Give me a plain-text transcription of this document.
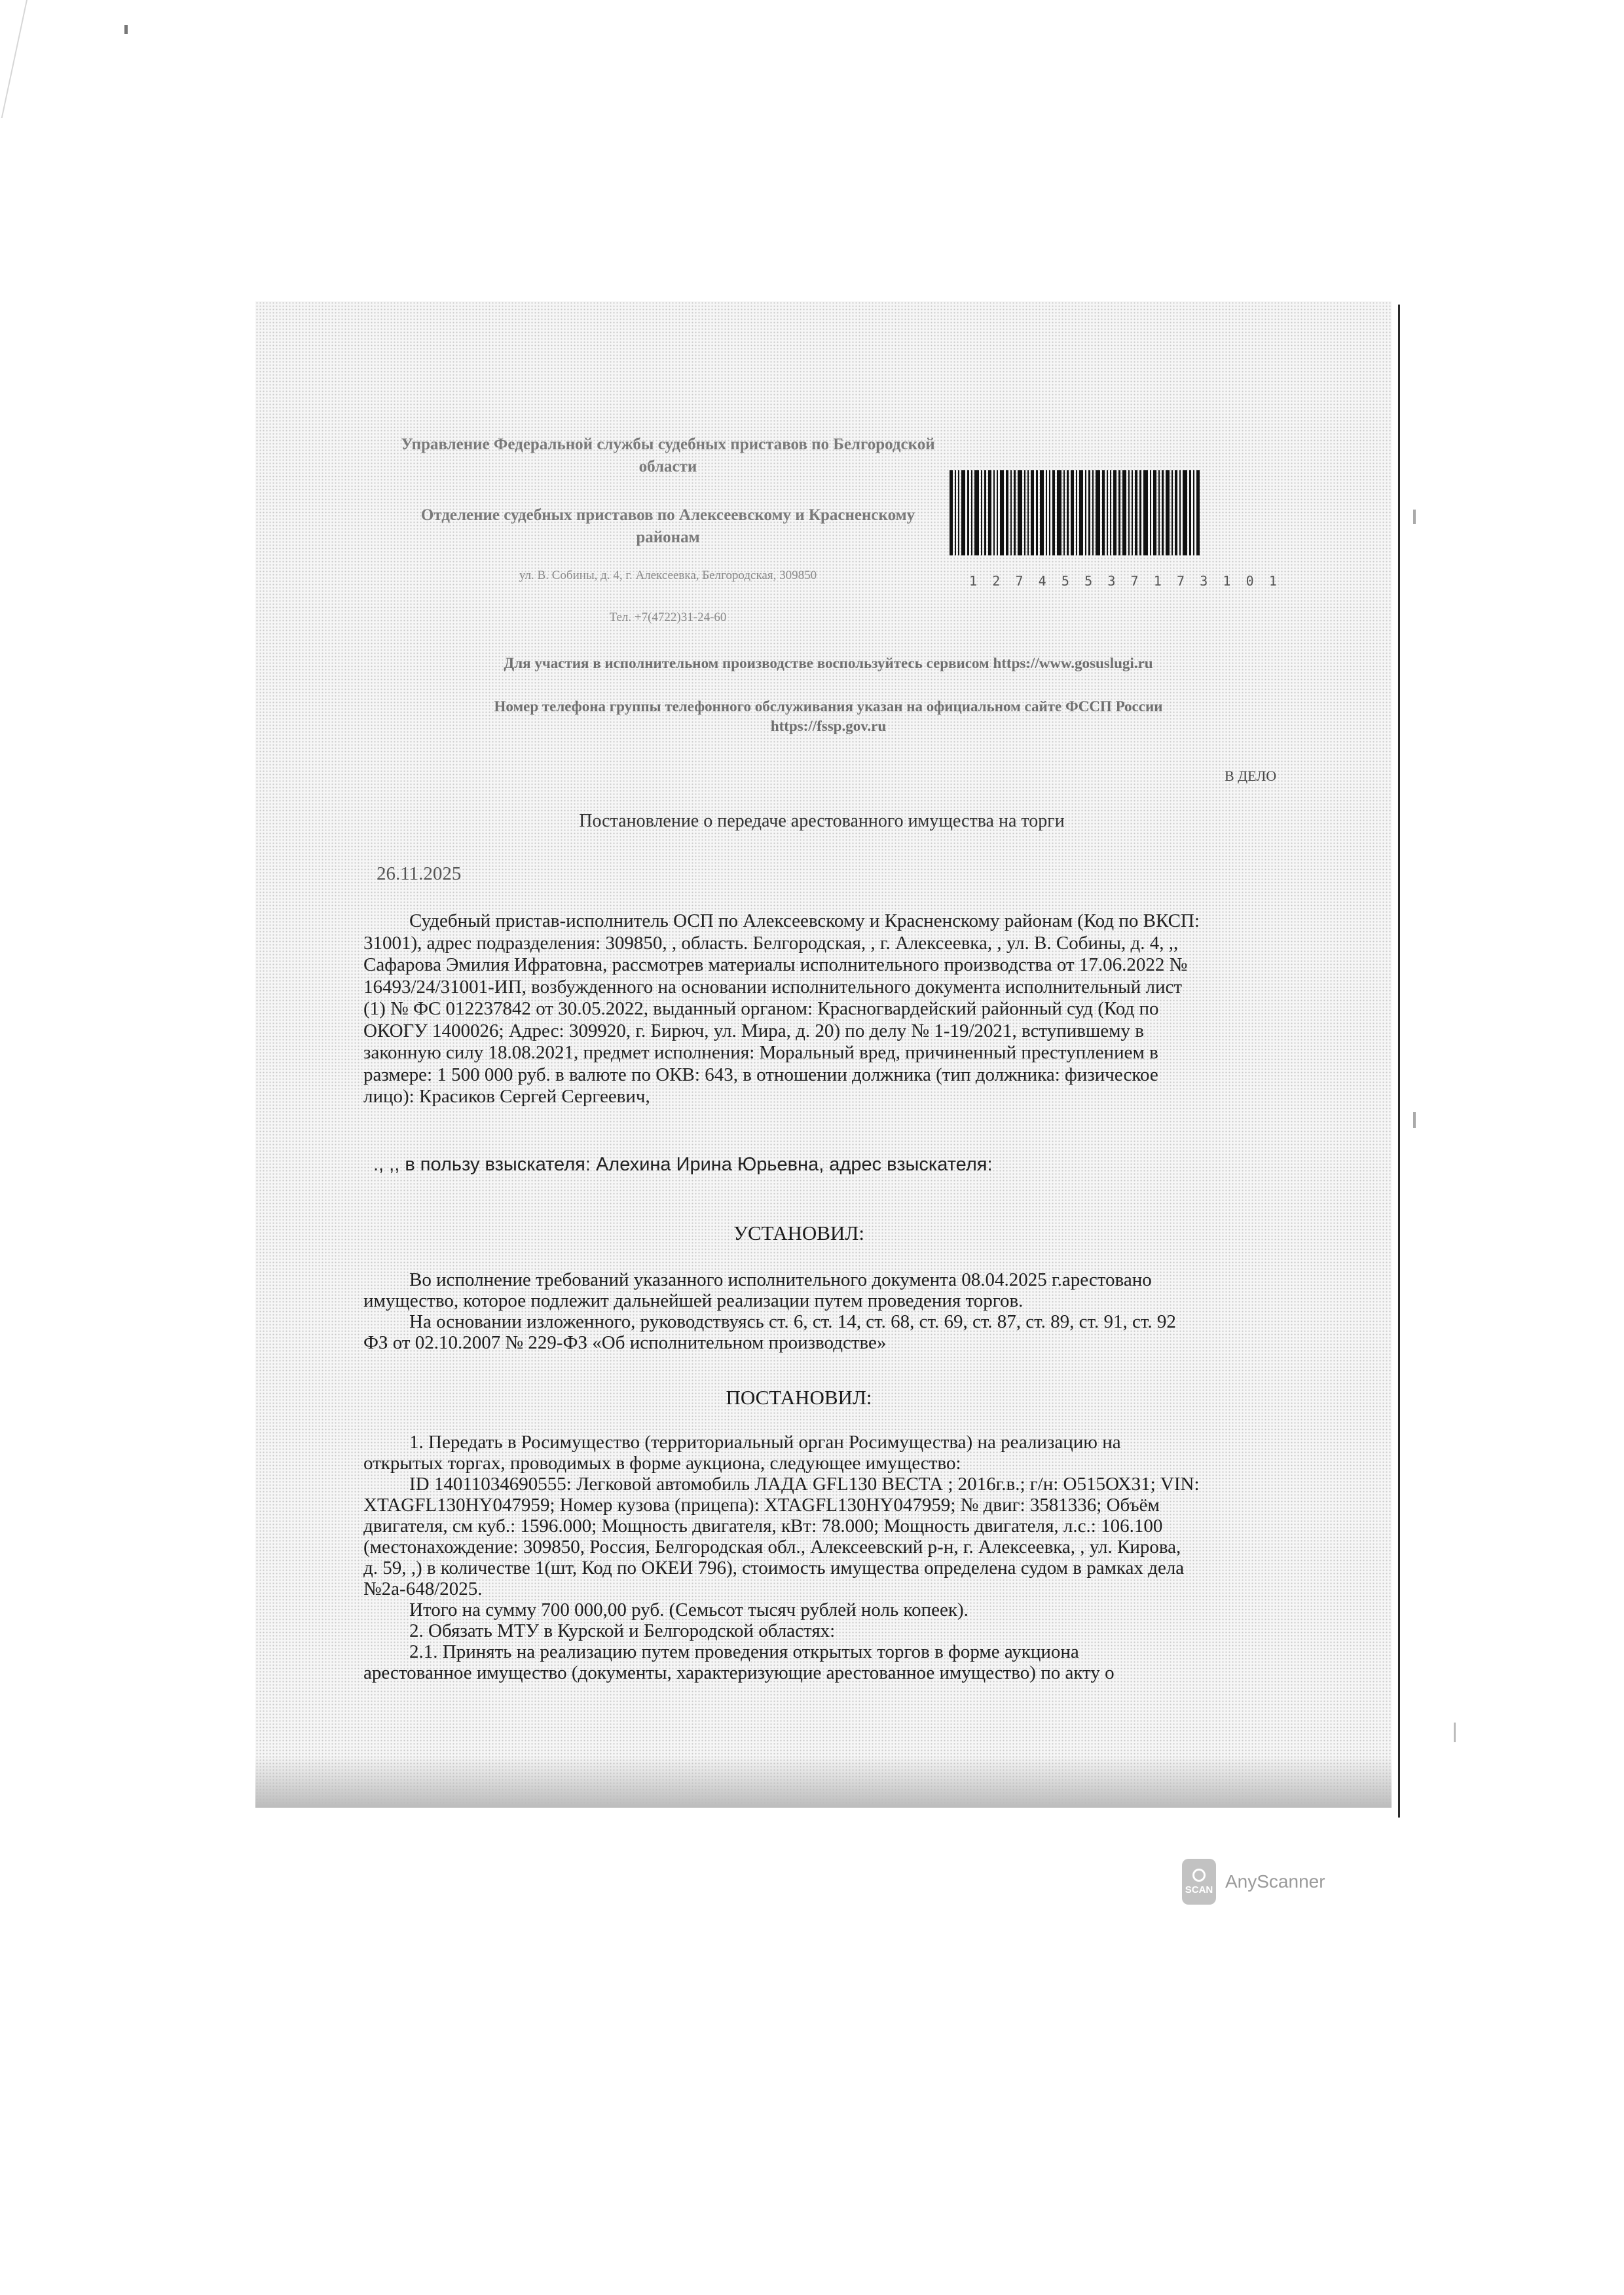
Управление Федеральной службы судебных приставов по Белгородской
области
Отделение судебных приставов по Алексеевскому и Красненскому
районам
ул. В. Собины, д. 4, г. Алексеевка, Белгородская, 309850
Тел. +7(4722)31-24-60
1 2 7 4 5 5 3 7 1 7 3 1 0 1
Для участия в исполнительном производстве воспользуйтесь сервисом https://www.gosuslugi.ru
Номер телефона группы телефонного обслуживания указан на официальном сайте ФССП России
https://fssp.gov.ru
В ДЕЛО
Постановление о передаче арестованного имущества на торги
26.11.2025

Судебный пристав-исполнитель ОСП по Алексеевскому и Красненскому районам (Код по ВКСП:

31001), адрес подразделения: 309850, , область. Белгородская, , г. Алексеевка, , ул. В. Собины, д. 4, ,,

Сафарова Эмилия Ифратовна, рассмотрев материалы исполнительного производства от 17.06.2022 №

16493/24/31001-ИП, возбужденного на основании исполнительного документа исполнительный лист

(1) № ФС 012237842 от 30.05.2022, выданный органом: Красногвардейский районный суд (Код по

ОКОГУ 1400026; Адрес: 309920, г. Бирюч, ул. Мира, д. 20) по делу № 1-19/2021, вступившему в

законную силу 18.08.2021, предмет исполнения: Моральный вред, причиненный преступлением в

размере: 1 500 000 руб. в валюте по ОКВ: 643, в отношении должника (тип должника: физическое

лицо): Красиков Сергей Сергеевич,

., ,, в пользу взыскателя: Алехина Ирина Юрьевна, адрес взыскателя:
УСТАНОВИЛ:

Во исполнение требований указанного исполнительного документа 08.04.2025 г.арестовано

имущество, которое подлежит дальнейшей реализации путем проведения торгов.

На основании изложенного, руководствуясь ст. 6, ст. 14, ст. 68, ст. 69, ст. 87, ст. 89, ст. 91, ст. 92

ФЗ от 02.10.2007 № 229-ФЗ «Об исполнительном производстве»

ПОСТАНОВИЛ:

1. Передать в Росимущество (территориальный орган Росимущества) на реализацию на

открытых торгах, проводимых в форме аукциона, следующее имущество:

ID 14011034690555: Легковой автомобиль ЛАДА GFL130 ВЕСТА ; 2016г.в.; г/н: О515ОХ31; VIN:

XTAGFL130HY047959; Номер кузова (прицепа): XTAGFL130HY047959; № двиг: 3581336; Объём

двигателя, см куб.: 1596.000; Мощность двигателя, кВт: 78.000; Мощность двигателя, л.с.: 106.100

(местонахождение: 309850, Россия, Белгородская обл., Алексеевский р-н, г. Алексеевка, , ул. Кирова,

д. 59, ,) в количестве 1(шт, Код по ОКЕИ 796), стоимость имущества определена судом в рамках дела

№2а-648/2025.

Итого на сумму 700 000,00 руб. (Семьсот тысяч рублей ноль копеек).

2. Обязать МТУ в Курской и Белгородской областях:

2.1. Принять на реализацию путем проведения открытых торгов в форме аукциона

арестованное имущество (документы, характеризующие арестованное имущество) по акту о

SCAN AnyScanner
